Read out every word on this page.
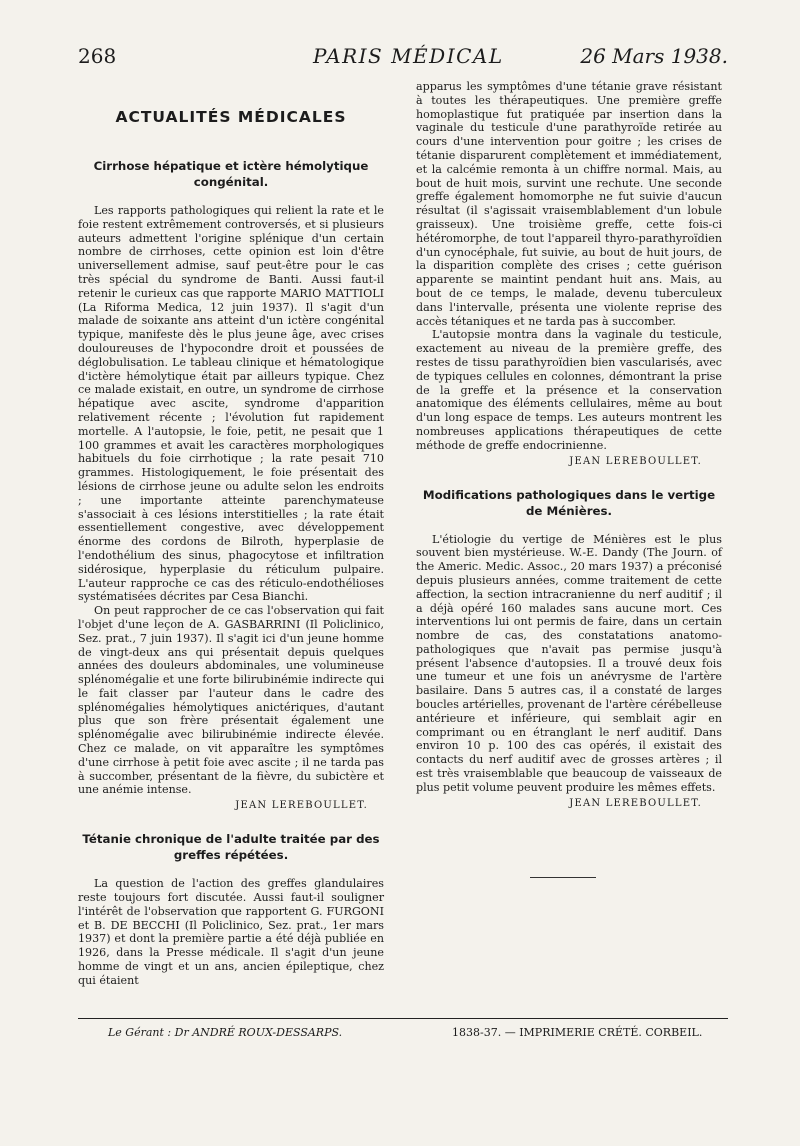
268	PARIS MÉDICAL	26 Mars 1938.
ACTUALITÉS MÉDICALES
Cirrhose hépatique et ictère hémolytique congénital.

Les rapports pathologiques qui relient la rate et le foie restent extrêmement controversés, et si plusieurs auteurs admettent l'origine splénique d'un certain nombre de cirrhoses, cette opinion est loin d'être universellement admise, sauf peut-être pour le cas très spécial du syndrome de Banti. Aussi faut-il retenir le curieux cas que rapporte MARIO MATTIOLI (La Riforma Medica, 12 juin 1937). Il s'agit d'un malade de soixante ans atteint d'un ictère congénital typique, manifeste dès le plus jeune âge, avec crises douloureuses de l'hypocondre droit et poussées de déglobulisation. Le tableau clinique et hématologique d'ictère hémolytique était par ailleurs typique. Chez ce malade existait, en outre, un syndrome de cirrhose hépatique avec ascite, syndrome d'apparition relativement récente ; l'évolution fut rapidement mortelle. A l'autopsie, le foie, petit, ne pesait que 1 100 grammes et avait les caractères morphologiques habituels du foie cirrhotique ; la rate pesait 710 grammes. Histologiquement, le foie présentait des lésions de cirrhose jeune ou adulte selon les endroits ; une importante atteinte parenchymateuse s'associait à ces lésions interstitielles ; la rate était essentiellement congestive, avec développement énorme des cordons de Bilroth, hyperplasie de l'endothélium des sinus, phagocytose et infiltration sidérosique, hyperplasie du réticulum pulpaire. L'auteur rapproche ce cas des réticulo-endothélioses systématisées décrites par Cesa Bianchi.

On peut rapprocher de ce cas l'observation qui fait l'objet d'une leçon de A. GASBARRINI (Il Policlinico, Sez. prat., 7 juin 1937). Il s'agit ici d'un jeune homme de vingt-deux ans qui présentait depuis quelques années des douleurs abdominales, une volumineuse splénomégalie et une forte bilirubinémie indirecte qui le fait classer par l'auteur dans le cadre des splénomégalies hémolytiques anictériques, d'autant plus que son frère présentait également une splénomégalie avec bilirubinémie indirecte élevée. Chez ce malade, on vit apparaître les symptômes d'une cirrhose à petit foie avec ascite ; il ne tarda pas à succomber, présentant de la fièvre, du subictère et une anémie intense.

JEAN LEREBOULLET.
Tétanie chronique de l'adulte traitée par des greffes répétées.

La question de l'action des greffes glandulaires reste toujours fort discutée. Aussi faut-il souligner l'intérêt de l'observation que rapportent G. FURGONI et B. DE BECCHI (Il Policlinico, Sez. prat., 1er mars 1937) et dont la première partie a été déjà publiée en 1926, dans la Presse médicale. Il s'agit d'un jeune homme de vingt et un ans, ancien épileptique, chez qui étaient

apparus les symptômes d'une tétanie grave résistant à toutes les thérapeutiques. Une première greffe homoplastique fut pratiquée par insertion dans la vaginale du testicule d'une parathyroïde retirée au cours d'une intervention pour goitre ; les crises de tétanie disparurent complètement et immédiatement, et la calcémie remonta à un chiffre normal. Mais, au bout de huit mois, survint une rechute. Une seconde greffe également homomorphe ne fut suivie d'aucun résultat (il s'agissait vraisemblablement d'un lobule graisseux). Une troisième greffe, cette fois-ci hétéromorphe, de tout l'appareil thyro-parathyroïdien d'un cynocéphale, fut suivie, au bout de huit jours, de la disparition complète des crises ; cette guérison apparente se maintint pendant huit ans. Mais, au bout de ce temps, le malade, devenu tuberculeux dans l'intervalle, présenta une violente reprise des accès tétaniques et ne tarda pas à succomber.

L'autopsie montra dans la vaginale du testicule, exactement au niveau de la première greffe, des restes de tissu parathyroïdien bien vascularisés, avec de typiques cellules en colonnes, démontrant la prise de la greffe et la présence et la conservation anatomique des éléments cellulaires, même au bout d'un long espace de temps. Les auteurs montrent les nombreuses applications thérapeutiques de cette méthode de greffe endocrinienne.

JEAN LEREBOULLET.
Modifications pathologiques dans le vertige de Ménières.

L'étiologie du vertige de Ménières est le plus souvent bien mystérieuse. W.-E. Dandy (The Journ. of the Americ. Medic. Assoc., 20 mars 1937) a préconisé depuis plusieurs années, comme traitement de cette affection, la section intracranienne du nerf auditif ; il a déjà opéré 160 malades sans aucune mort. Ces interventions lui ont permis de faire, dans un certain nombre de cas, des constatations anatomo-pathologiques que n'avait pas permise jusqu'à présent l'absence d'autopsies. Il a trouvé deux fois une tumeur et une fois un anévrysme de l'artère basilaire. Dans 5 autres cas, il a constaté de larges boucles artérielles, provenant de l'artère cérébelleuse antérieure et inférieure, qui semblait agir en comprimant ou en étranglant le nerf auditif. Dans environ 10 p. 100 des cas opérés, il existait des contacts du nerf auditif avec de grosses artères ; il est très vraisemblable que beaucoup de vaisseaux de plus petit volume peuvent produire les mêmes effets.

JEAN LEREBOULLET.
Le Gérant : Dr ANDRÉ ROUX-DESSARPS.	1838-37. — IMPRIMERIE CRÉTÉ. CORBEIL.
